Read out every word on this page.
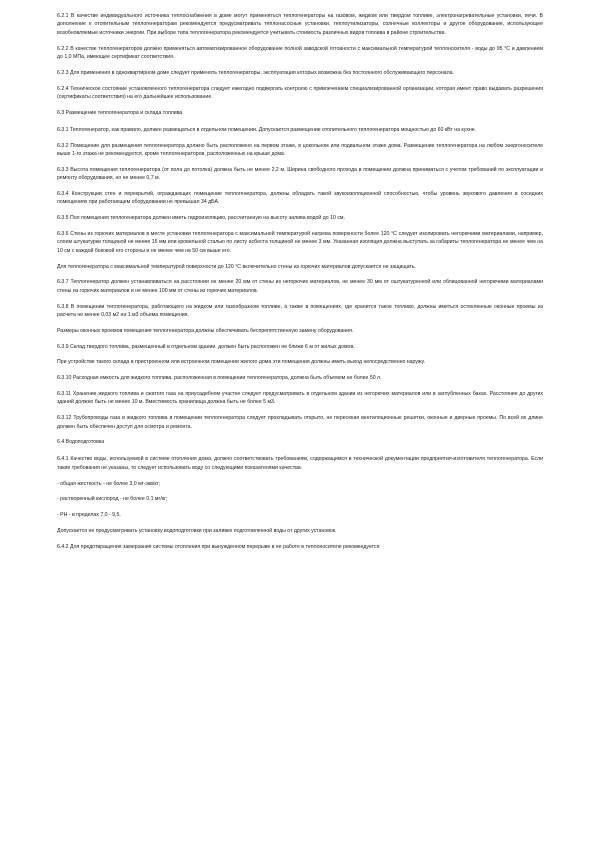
6.2.1 В качестве индивидуального источника теплоснабжения в доме могут применяться теплогенераторы на газовом, жидком или твердом топливе, электронагревательные установки, печи. В дополнение к отопительным теплогенераторам рекомендуется предусматривать теплонасосные установки, теплоутилизаторы, солнечные коллекторы и другое оборудование, использующее возобновляемые источники энергии. При выборе типа теплогенератора рекомендуется учитывать стоимость различных видов топлива в районе строительства.

6.2.2 В качестве теплогенераторов должно применяться автоматизированное оборудование полной заводской готовности с максимальной температурой теплоносителя - воды до 95 °С и давлением до 1,0 МПа, имеющее сертификат соответствия.

6.2.3 Для применения в одноквартирном доме следует применять теплогенераторы, эксплуатация которых возможна без постоянного обслуживающего персонала.

6.2.4 Техническое состояние установленного теплогенератора следует ежегодно подвергать контролю с привлечением специализированной организации, которая имеет право выдавать разрешения (сертификаты соответствия) на его дальнейшее использование.

6.3 Размещение теплогенератора и склада топлива

6.3.1 Теплогенератор, как правило, должен размещаться в отдельном помещении. Допускается размещение отопительного теплогенератора мощностью до 60 кВт на кухне.

6.3.2 Помещение для размещения теплогенератора должно быть расположено на первом этаже, в цокольном или подвальном этаже дома. Размещение теплогенератора на любом энергоносителе выше 1-го этажа не рекомендуется, кроме теплогенераторов, расположенных на крыше дома.

6.3.3 Высота помещения теплогенератора (от пола до потолка) должна быть не менее 2,2 м. Ширина свободного прохода в помещении должна приниматься с учетом требований по эксплуатации и ремонту оборудования, но не менее 0,7 м.

6.3.4 Конструкции стен и перекрытий, ограждающих помещение теплогенератора, должны обладать такой звукоизоляционной способностью, чтобы уровень звукового давления в соседних помещениях при работающем оборудовании не превышал 34 дБА.

6.3.5 Пол помещения теплогенератора должен иметь гидроизоляцию, рассчитанную на высоту залива водой до 10 см.

6.3.6 Стены из горючих материалов в месте установки теплогенератора с максимальной температурой нагрева поверхности более 120 °С следует изолировать негорючими материалами, например, слоем штукатурки толщиной не менее 15 мм или кровельной сталью по листу асбеста толщиной не менее 3 мм. Указанная изоляция должна выступать за габариты теплогенератора не менее чем на 10 см с каждой боковой его стороны и не менее чем на 50 см выше его.

Для теплогенератора с максимальной температурой поверхности до 120 °С включительно стены из горючих материалов допускается не защищать.

6.3.7 Теплогенератор должен устанавливаться на расстоянии не менее 20 мм от стены из негорючих материалов, не менее 30 мм от оштукатуренной или облицованной негорючими материалами стены из горючих материалов и не менее 100 мм от стены из горючих материалов.

6.3.8 В помещении теплогенератора, работающего на жидком или газообразном топливе, а также в помещениях, где хранится такое топливо, должны иметься остекленные оконные проемы из расчета не менее 0,03 м2 на 1 м3 объема помещения.

Размеры оконных проемов помещения теплогенератора должны обеспечивать беспрепятственную замену оборудования.

6.3.9 Склад твердого топлива, размещенный в отдельном здании, должен быть расположен не ближе 6 м от жилых домов.

При устройстве такого склада в пристроенном или встроенном помещении жилого дома эти помещения должны иметь выход непосредственно наружу.

6.3.10 Расходная емкость для жидкого топлива, расположенная в помещении теплогенератора, должна быть объемом не более 50 л.

6.3.11 Хранение жидкого топлива и сжатого газа на приусадебном участке следует предусматривать в отдельном здании из негорючих материалов или в заглубленных баках. Расстояние до других зданий должно быть не менее 10 м. Вместимость хранилища должна быть не более 5 м3.

6.3.12 Трубопроводы газа и жидкого топлива в помещении теплогенератора следует прокладывать открыто, не пересекая вентиляционные решетки, оконные и дверные проемы. По всей их длине должен быть обеспечен доступ для осмотра и ремонта.

6.4 Водоподготовка

6.4.1 Качество воды, используемой в системе отопления дома, должно соответствовать требованиям, содержащимся в технической документации предприятия-изготовителя теплогенератора. Если такие требования не указаны, то следует использовать воду со следующими показателями качества:

- общая жесткость - не более 3,0 мг-экв/кг;

- растворенный кислород - не более 0,1 мг/кг;

- РН - в пределах 7,0 - 9,5.

Допускается не предусматривать установку водоподготовки при заливке подготовленной воды от других установок.

6.4.2 Для предотвращения замерзания системы отопления при вынужденном перерыве в ее работе в теплоносителе рекомендуется
